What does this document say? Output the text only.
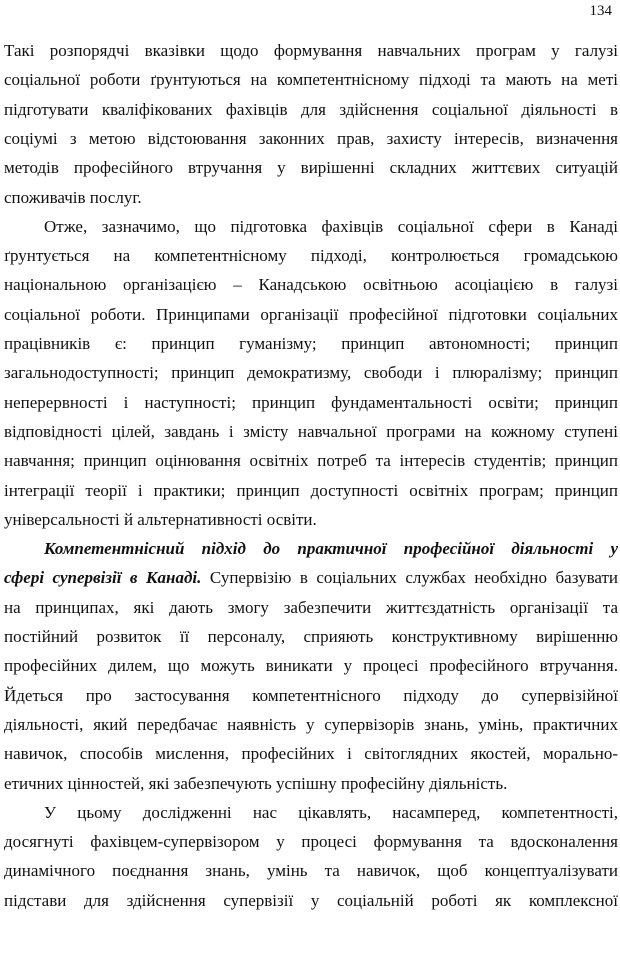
134
Такі розпорядчі вказівки щодо формування навчальних програм у галузі
соціальної роботи ґрунтуються на компетентнісному підході та мають на меті
підготувати кваліфікованих фахівців для здійснення соціальної діяльності в
соціумі з метою відстоювання законних прав, захисту інтересів, визначення
методів професійного втручання у вирішенні складних життєвих ситуацій
споживачів послуг.
Отже, зазначимо, що підготовка фахівців соціальної сфери в Канаді
ґрунтується на компетентнісному підході, контролюється громадською
національною організацією – Канадською освітньою асоціацією в галузі
соціальної роботи. Принципами організації професійної підготовки соціальних
працівників є: принцип гуманізму; принцип автономності; принцип
загальнодоступності; принцип демократизму, свободи і плюралізму; принцип
неперервності і наступності; принцип фундаментальності освіти; принцип
відповідності цілей, завдань і змісту навчальної програми на кожному ступені
навчання; принцип оцінювання освітніх потреб та інтересів студентів; принцип
інтеграції теорії і практики; принцип доступності освітніх програм; принцип
універсальності й альтернативності освіти.
Компетентнісний підхід до практичної професійної діяльності у
сфері супервізії в Канаді. Супервізію в соціальних службах необхідно базувати
на принципах, які дають змогу забезпечити життєздатність організації та
постійний розвиток її персоналу, сприяють конструктивному вирішенню
професійних дилем, що можуть виникати у процесі професійного втручання.
Йдеться про застосування компетентнісного підходу до супервізійної
діяльності, який передбачає наявність у супервізорів знань, умінь, практичних
навичок, способів мислення, професійних і світоглядних якостей, морально-
етичних цінностей, які забезпечують успішну професійну діяльність.
У цьому дослідженні нас цікавлять, насамперед, компетентності,
досягнуті фахівцем-супервізором у процесі формування та вдосконалення
динамічного поєднання знань, умінь та навичок, щоб концептуалізувати
підстави для здійснення супервізії у соціальній роботі як комплексної
